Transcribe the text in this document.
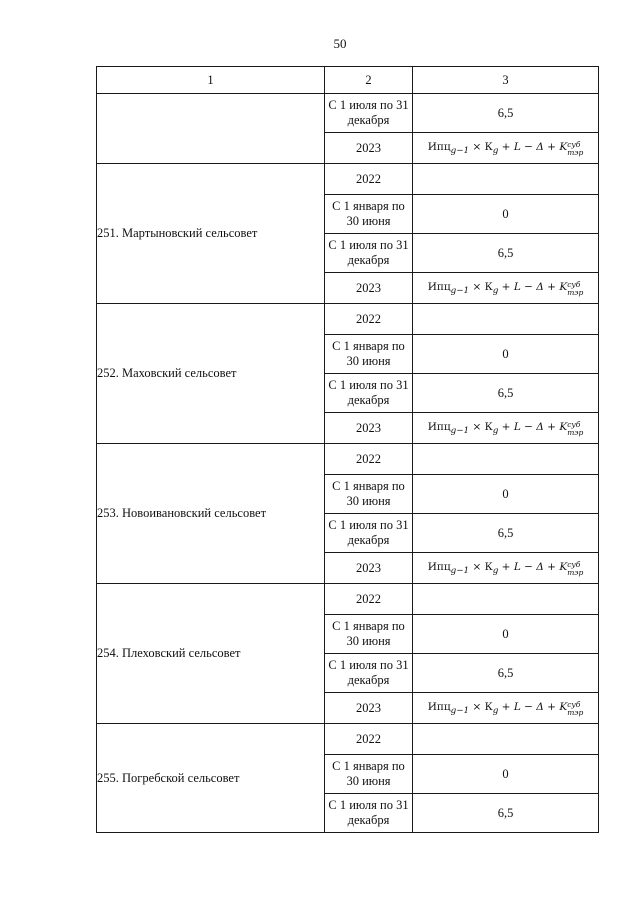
50
1	2	3
	С 1 июля по 31 декабря	6,5
	2023	$Ипц_{g-1} \times К_g + L - \Delta + K$ суб
тэр

251. Мартыновский сельсовет	2022	
	С 1 января по 30 июня	0
	С 1 июля по 31 декабря	6,5
	2023	$Ипц_{g-1} \times К_g + L - \Delta + K$ суб
тэр

252. Маховский сельсовет	2022	
	С 1 января по 30 июня	0
	С 1 июля по 31 декабря	6,5
	2023	$Ипц_{g-1} \times К_g + L - \Delta + K$ суб
тэр

253. Новоивановский сельсовет	2022	
	С 1 января по 30 июня	0
	С 1 июля по 31 декабря	6,5
	2023	$Ипц_{g-1} \times К_g + L - \Delta + K$ суб
тэр

254. Плеховский сельсовет	2022	
	С 1 января по 30 июня	0
	С 1 июля по 31 декабря	6,5
	2023	$Ипц_{g-1} \times К_g + L - \Delta + K$ суб
тэр

255. Погребской сельсовет	2022	
	С 1 января по 30 июня	0
	С 1 июля по 31 декабря	6,5
